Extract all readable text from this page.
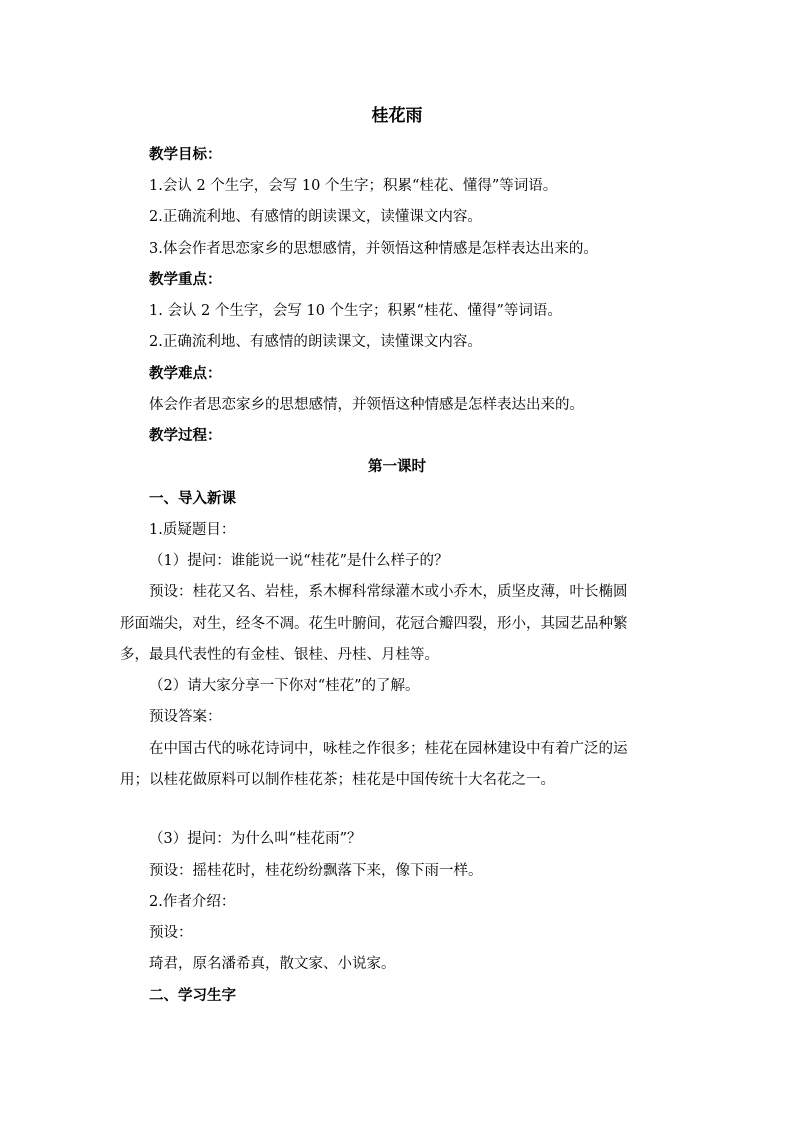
桂花雨
教学目标：
1.会认 2 个生字，会写 10 个生字；积累“桂花、懂得”等词语。
2.正确流利地、有感情的朗读课文，读懂课文内容。
3.体会作者思恋家乡的思想感情，并领悟这种情感是怎样表达出来的。
教学重点：
1. 会认 2 个生字，会写 10 个生字；积累“桂花、懂得”等词语。
2.正确流利地、有感情的朗读课文，读懂课文内容。
教学难点：
体会作者思恋家乡的思想感情，并领悟这种情感是怎样表达出来的。
教学过程：
第一课时
一、导入新课
1.质疑题目：
（1）提问：谁能说一说“桂花”是什么样子的？
预设：桂花又名、岩桂，系木樨科常绿灌木或小乔木，质坚皮薄，叶长椭圆
形面端尖，对生，经冬不凋。花生叶腑间，花冠合瓣四裂，形小，其园艺品种繁
多，最具代表性的有金桂、银桂、丹桂、月桂等。
（2）请大家分享一下你对“桂花”的了解。
预设答案：
在中国古代的咏花诗词中，咏桂之作很多；桂花在园林建设中有着广泛的运
用；以桂花做原料可以制作桂花茶；桂花是中国传统十大名花之一。
（3）提问：为什么叫“桂花雨”？
预设：摇桂花时，桂花纷纷飘落下来，像下雨一样。
2.作者介绍：
预设：
琦君，原名潘希真，散文家、小说家。
二、学习生字
